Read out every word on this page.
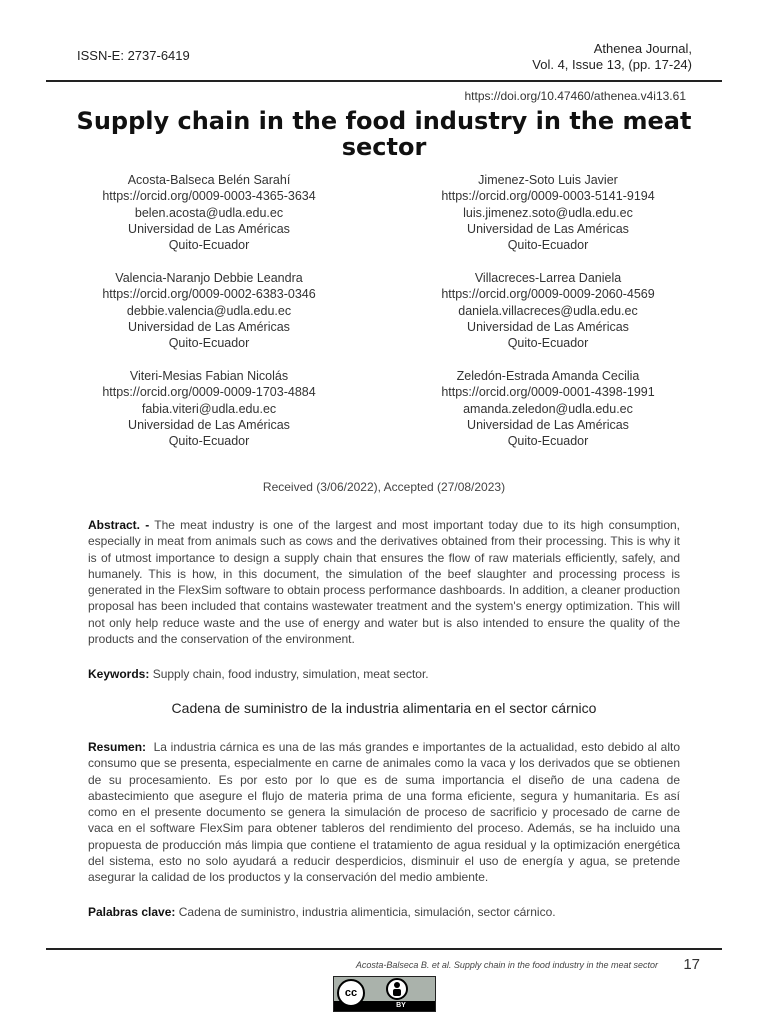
ISSN-E: 2737-6419	Athenea Journal,
Vol. 4, Issue 13, (pp. 17-24)
https://doi.org/10.47460/athenea.v4i13.61
Supply chain in the food industry in the meat sector
Acosta-Balseca Belén Sarahí
https://orcid.org/0009-0003-4365-3634
belen.acosta@udla.edu.ec
Universidad de Las Américas
Quito-Ecuador
Jimenez-Soto Luis Javier
https://orcid.org/0009-0003-5141-9194
luis.jimenez.soto@udla.edu.ec
Universidad de Las Américas
Quito-Ecuador
Valencia-Naranjo Debbie Leandra
https://orcid.org/0009-0002-6383-0346
debbie.valencia@udla.edu.ec
Universidad de Las Américas
Quito-Ecuador
Villacreces-Larrea Daniela
https://orcid.org/0009-0009-2060-4569
daniela.villacreces@udla.edu.ec
Universidad de Las Américas
Quito-Ecuador
Viteri-Mesias Fabian Nicolás
https://orcid.org/0009-0009-1703-4884
fabia.viteri@udla.edu.ec
Universidad de Las Américas
Quito-Ecuador
Zeledón-Estrada Amanda Cecilia
https://orcid.org/0009-0001-4398-1991
amanda.zeledon@udla.edu.ec
Universidad de Las Américas
Quito-Ecuador
Received (3/06/2022), Accepted (27/08/2023)

Abstract. - The meat industry is one of the largest and most important today due to its high consumption, especially in meat from animals such as cows and the derivatives obtained from their processing. This is why it is of utmost importance to design a supply chain that ensures the flow of raw materials efficiently, safely, and humanely. This is how, in this document, the simulation of the beef slaughter and processing process is generated in the FlexSim software to obtain process performance dashboards. In addition, a cleaner production proposal has been included that contains wastewater treatment and the system's energy optimization. This will not only help reduce waste and the use of energy and water but is also intended to ensure the quality of the products and the conservation of the environment.

Keywords: Supply chain, food industry, simulation, meat sector.

Cadena de suministro de la industria alimentaria en el sector cárnico

Resumen: La industria cárnica es una de las más grandes e importantes de la actualidad, esto debido al alto consumo que se presenta, especialmente en carne de animales como la vaca y los derivados que se obtienen de su procesamiento. Es por esto por lo que es de suma importancia el diseño de una cadena de abastecimiento que asegure el flujo de materia prima de una forma eficiente, segura y humanitaria. Es así como en el presente documento se genera la simulación de proceso de sacrificio y procesado de carne de vaca en el software FlexSim para obtener tableros del rendimiento del proceso. Además, se ha incluido una propuesta de producción más limpia que contiene el tratamiento de agua residual y la optimización energética del sistema, esto no solo ayudará a reducir desperdicios, disminuir el uso de energía y agua, se pretende asegurar la calidad de los productos y la conservación del medio ambiente.

Palabras clave: Cadena de suministro, industria alimenticia, simulación, sector cárnico.

Acosta-Balseca B. et al. Supply chain in the food industry in the meat sector 17
cc
BY
